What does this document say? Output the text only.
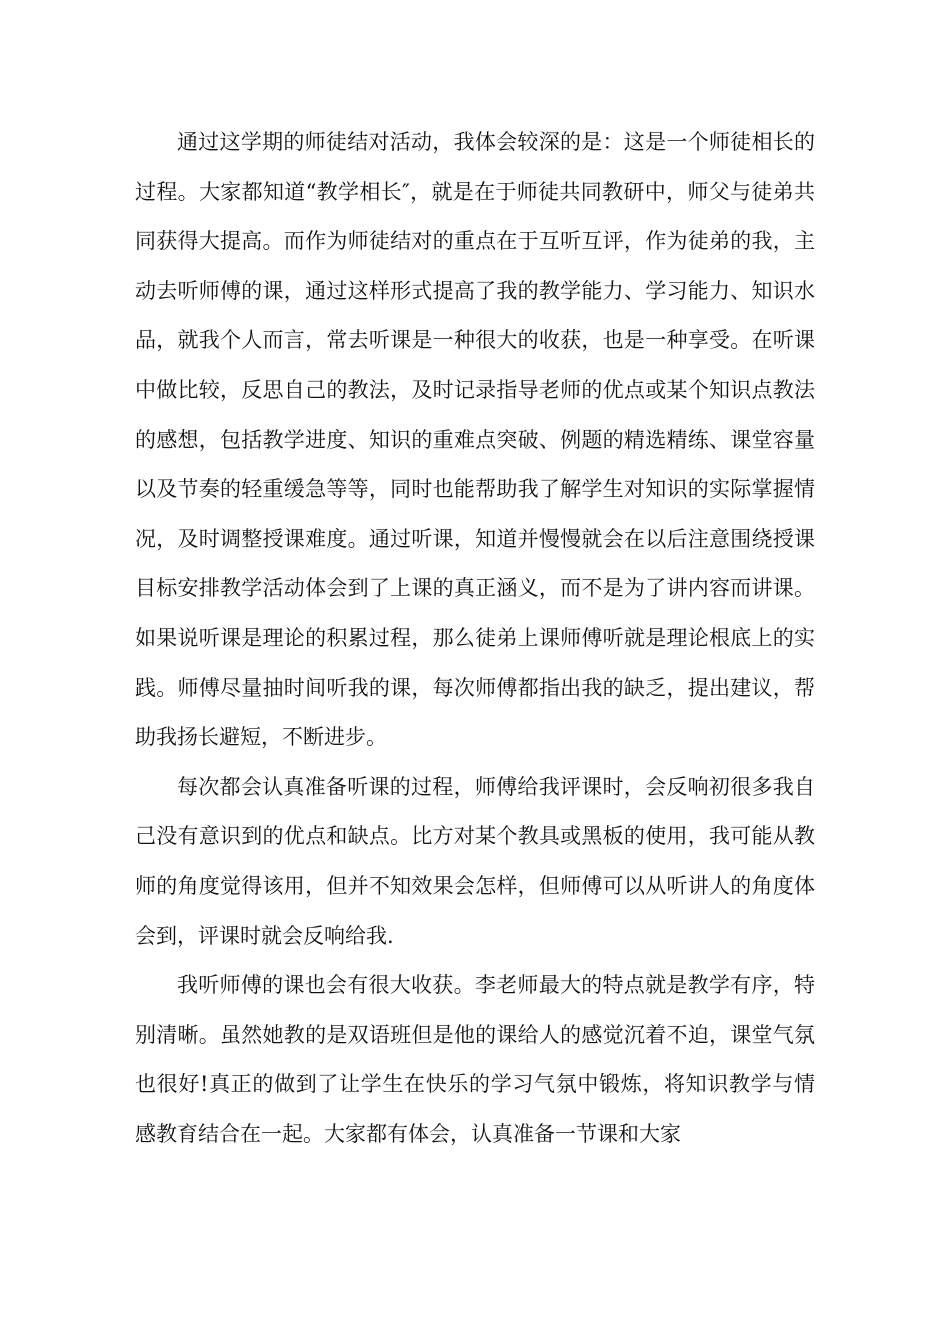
通过这学期的师徒结对活动，我体会较深的是：这是一个师徒相长的过程。大家都知道“教学相长″，就是在于师徒共同教研中，师父与徒弟共同获得大提高。而作为师徒结对的重点在于互听互评，作为徒弟的我，主动去听师傅的课，通过这样形式提高了我的教学能力、学习能力、知识水品，就我个人而言，常去听课是一种很大的收获，也是一种享受。在听课中做比较，反思自己的教法，及时记录指导老师的优点或某个知识点教法的感想，包括教学进度、知识的重难点突破、例题的精选精练、课堂容量以及节奏的轻重缓急等等，同时也能帮助我了解学生对知识的实际掌握情况，及时调整授课难度。通过听课，知道并慢慢就会在以后注意围绕授课目标安排教学活动体会到了上课的真正涵义，而不是为了讲内容而讲课。如果说听课是理论的积累过程，那么徒弟上课师傅听就是理论根底上的实践。师傅尽量抽时间听我的课，每次师傅都指出我的缺乏，提出建议，帮助我扬长避短，不断进步。

每次都会认真准备听课的过程，师傅给我评课时，会反响初很多我自己没有意识到的优点和缺点。比方对某个教具或黑板的使用，我可能从教师的角度觉得该用，但并不知效果会怎样，但师傅可以从听讲人的角度体会到，评课时就会反响给我.

我听师傅的课也会有很大收获。李老师最大的特点就是教学有序，特别清晰。虽然她教的是双语班但是他的课给人的感觉沉着不迫，课堂气氛也很好!真正的做到了让学生在快乐的学习气氛中锻炼，将知识教学与情感教育结合在一起。大家都有体会，认真准备一节课和大家
